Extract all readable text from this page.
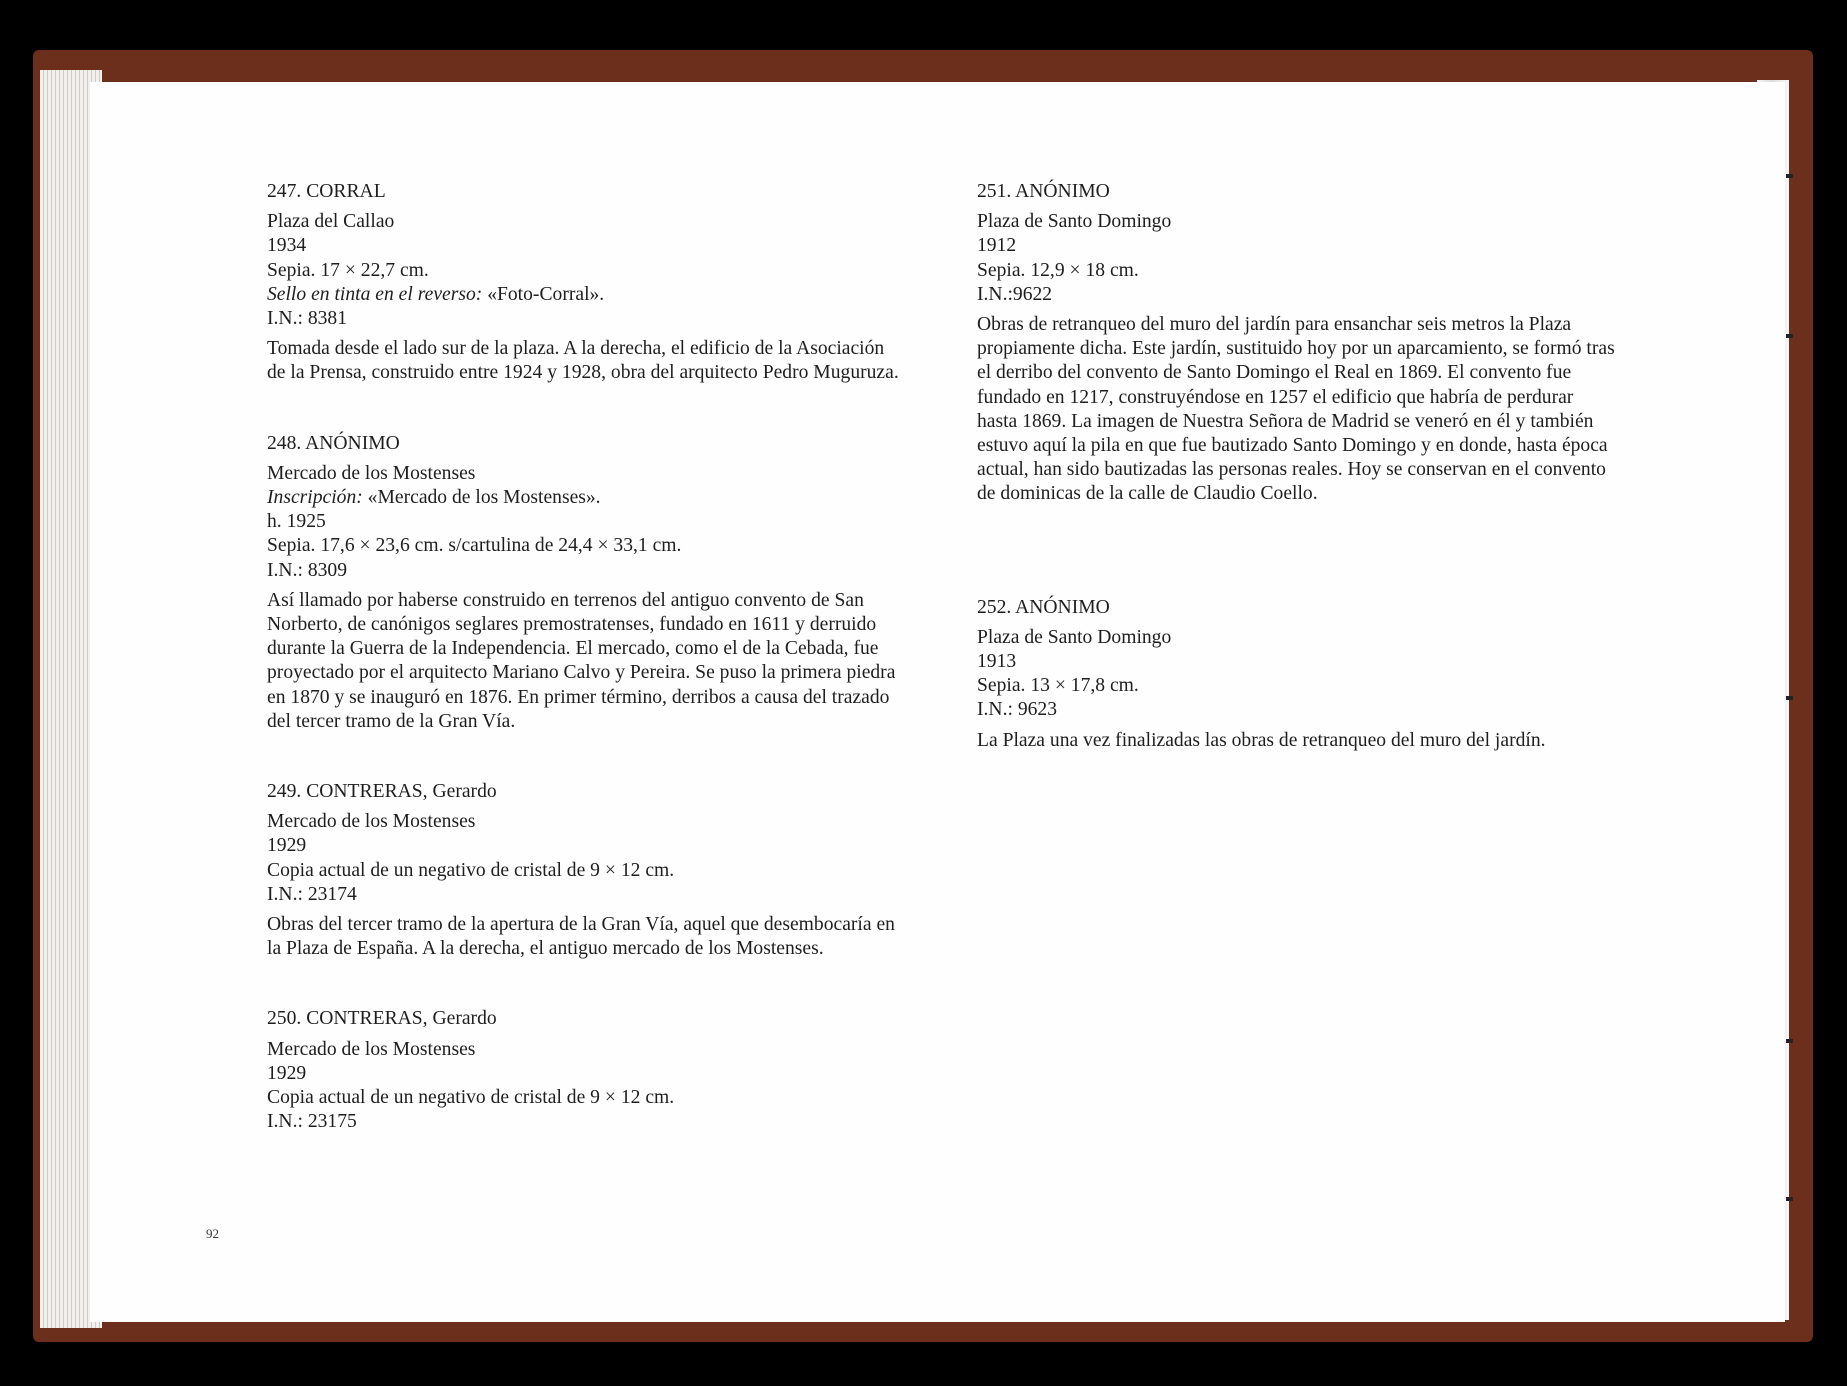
247. CORRAL

Plaza del Callao

1934

Sepia. 17 × 22,7 cm.

Sello en tinta en el reverso: «Foto-Corral».

I.N.: 8381

Tomada desde el lado sur de la plaza. A la derecha, el edificio de la Asociación de la Prensa, construido entre 1924 y 1928, obra del arquitecto Pedro Muguruza.

248. ANÓNIMO

Mercado de los Mostenses

Inscripción: «Mercado de los Mostenses».

h. 1925

Sepia. 17,6 × 23,6 cm. s/cartulina de 24,4 × 33,1 cm.

I.N.: 8309

Así llamado por haberse construido en terrenos del antiguo convento de San Norberto, de canónigos seglares premostratenses, fundado en 1611 y derruido durante la Guerra de la Independencia. El mercado, como el de la Cebada, fue proyectado por el arquitecto Mariano Calvo y Pereira. Se puso la primera piedra en 1870 y se inauguró en 1876. En primer término, derribos a causa del trazado del tercer tramo de la Gran Vía.

249. CONTRERAS, Gerardo

Mercado de los Mostenses

1929

Copia actual de un negativo de cristal de 9 × 12 cm.

I.N.: 23174

Obras del tercer tramo de la apertura de la Gran Vía, aquel que desembocaría en la Plaza de España. A la derecha, el antiguo mercado de los Mostenses.

250. CONTRERAS, Gerardo

Mercado de los Mostenses

1929

Copia actual de un negativo de cristal de 9 × 12 cm.

I.N.: 23175

251. ANÓNIMO

Plaza de Santo Domingo

1912

Sepia. 12,9 × 18 cm.

I.N.:9622

Obras de retranqueo del muro del jardín para ensanchar seis metros la Plaza propiamente dicha. Este jardín, sustituido hoy por un aparcamiento, se formó tras el derribo del convento de Santo Domingo el Real en 1869. El convento fue fundado en 1217, construyéndose en 1257 el edificio que habría de perdurar hasta 1869. La imagen de Nuestra Señora de Madrid se veneró en él y también estuvo aquí la pila en que fue bautizado Santo Domingo y en donde, hasta época actual, han sido bautizadas las personas reales. Hoy se conservan en el convento de dominicas de la calle de Claudio Coello.

252. ANÓNIMO

Plaza de Santo Domingo

1913

Sepia. 13 × 17,8 cm.

I.N.: 9623

La Plaza una vez finalizadas las obras de retranqueo del muro del jardín.

92
